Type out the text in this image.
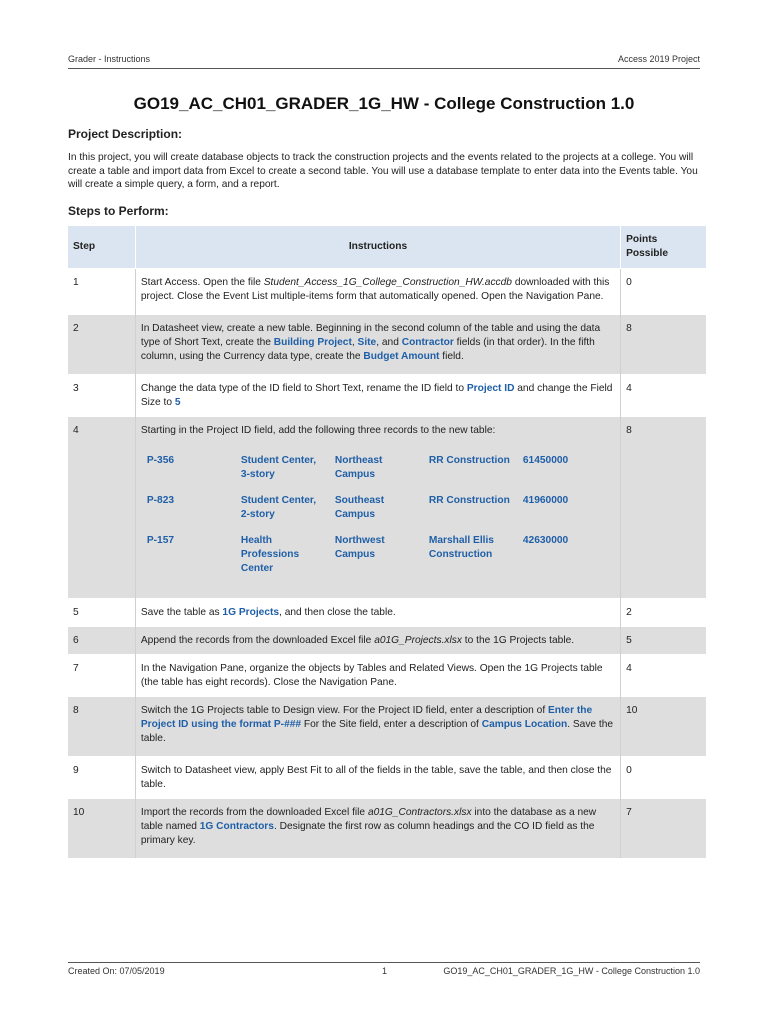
Grader - Instructions	Access 2019 Project
GO19_AC_CH01_GRADER_1G_HW - College Construction 1.0
Project Description:
In this project, you will create database objects to track the construction projects and the events related to the projects at a college. You will create a table and import data from Excel to create a second table. You will use a database template to enter data into the Events table. You will create a simple query, a form, and a report.
Steps to Perform:
Step	Instructions	Points Possible
1	Start Access. Open the file Student_Access_1G_College_Construction_HW.accdb downloaded with this project. Close the Event List multiple-items form that automatically opened. Open the Navigation Pane.	0
2	In Datasheet view, create a new table. Beginning in the second column of the table and using the data type of Short Text, create the Building Project, Site, and Contractor fields (in that order). In the fifth column, using the Currency data type, create the Budget Amount field.	8
3	Change the data type of the ID field to Short Text, rename the ID field to Project ID and change the Field Size to 5	4
4	Starting in the Project ID field, add the following three records to the new table:
P-356	Student Center, 3-story	Northeast Campus	RR Construction	61450000
P-823	Student Center, 2-story	Southeast Campus	RR Construction	41960000
P-157	Health Professions Center	Northwest Campus	Marshall Ellis Construction	42630000
	8
5	Save the table as 1G Projects, and then close the table.	2
6	Append the records from the downloaded Excel file a01G_Projects.xlsx to the 1G Projects table.	5
7	In the Navigation Pane, organize the objects by Tables and Related Views. Open the 1G Projects table (the table has eight records). Close the Navigation Pane.	4
8	Switch the 1G Projects table to Design view. For the Project ID field, enter a description of Enter the Project ID using the format P-### For the Site field, enter a description of Campus Location. Save the table.	10
9	Switch to Datasheet view, apply Best Fit to all of the fields in the table, save the table, and then close the table.	0
10	Import the records from the downloaded Excel file a01G_Contractors.xlsx into the database as a new table named 1G Contractors. Designate the first row as column headings and the CO ID field as the primary key.	7
Created On: 07/05/2019	1	GO19_AC_CH01_GRADER_1G_HW - College Construction 1.0
